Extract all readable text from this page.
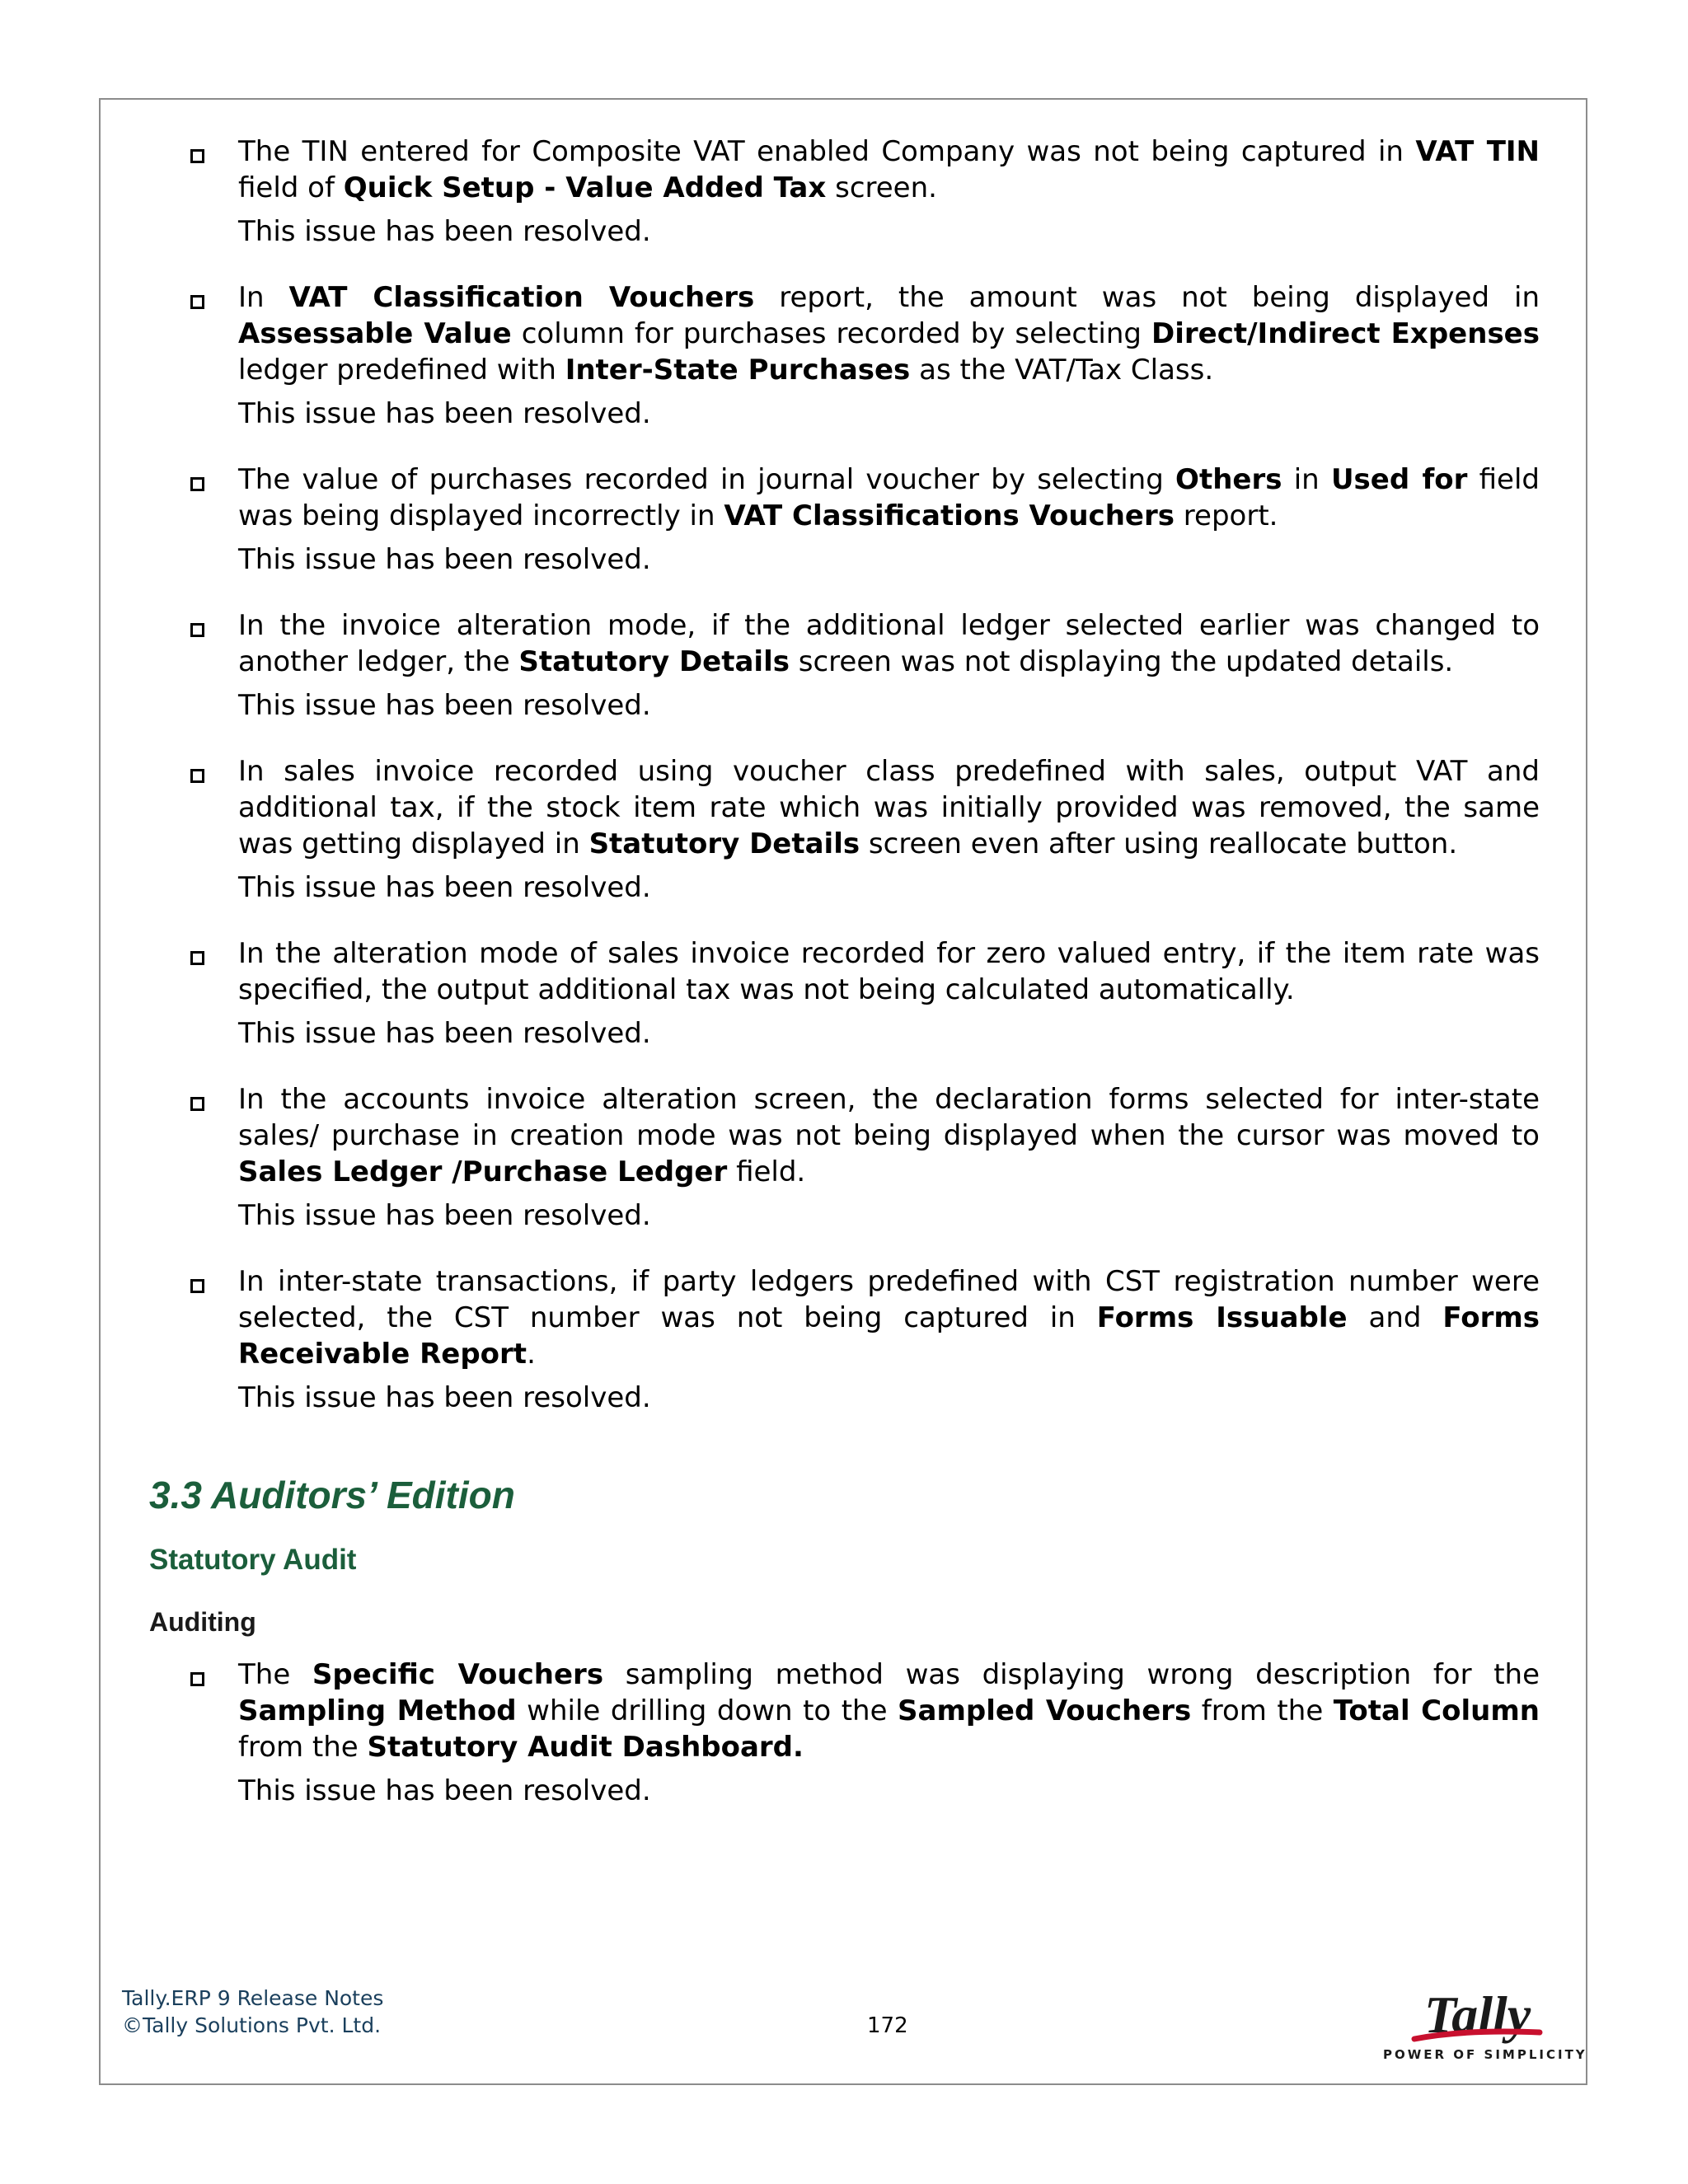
The TIN entered for Composite VAT enabled Company was not being captured in VAT TIN field of Quick Setup - Value Added Tax screen.

This issue has been resolved.

In VAT Classification Vouchers report, the amount was not being displayed in Assessable Value column for purchases recorded by selecting Direct/Indirect Expenses ledger predefined with Inter-State Purchases as the VAT/Tax Class.

This issue has been resolved.

The value of purchases recorded in journal voucher by selecting Others in Used for field was being displayed incorrectly in VAT Classifications Vouchers report.

This issue has been resolved.

In the invoice alteration mode, if the additional ledger selected earlier was changed to another ledger, the Statutory Details screen was not displaying the updated details.

This issue has been resolved.

In sales invoice recorded using voucher class predefined with sales, output VAT and additional tax, if the stock item rate which was initially provided was removed, the same was getting displayed in Statutory Details screen even after using reallocate button.

This issue has been resolved.

In the alteration mode of sales invoice recorded for zero valued entry, if the item rate was specified, the output additional tax was not being calculated automatically.

This issue has been resolved.

In the accounts invoice alteration screen, the declaration forms selected for inter-state sales/ purchase in creation mode was not being displayed when the cursor was moved to Sales Ledger /Purchase Ledger field.

This issue has been resolved.

In inter-state transactions, if party ledgers predefined with CST registration number were selected, the CST number was not being captured in Forms Issuable and Forms Receivable Report.

This issue has been resolved.

3.3 Auditors’ Edition
Statutory Audit
Auditing

The Specific Vouchers sampling method was displaying wrong description for the Sampling Method while drilling down to the Sampled Vouchers from the Total Column from the Statutory Audit Dashboard.

This issue has been resolved.

Tally.ERP 9 Release Notes
©Tally Solutions Pvt. Ltd.	172	Tally
POWER OF SIMPLICITY
